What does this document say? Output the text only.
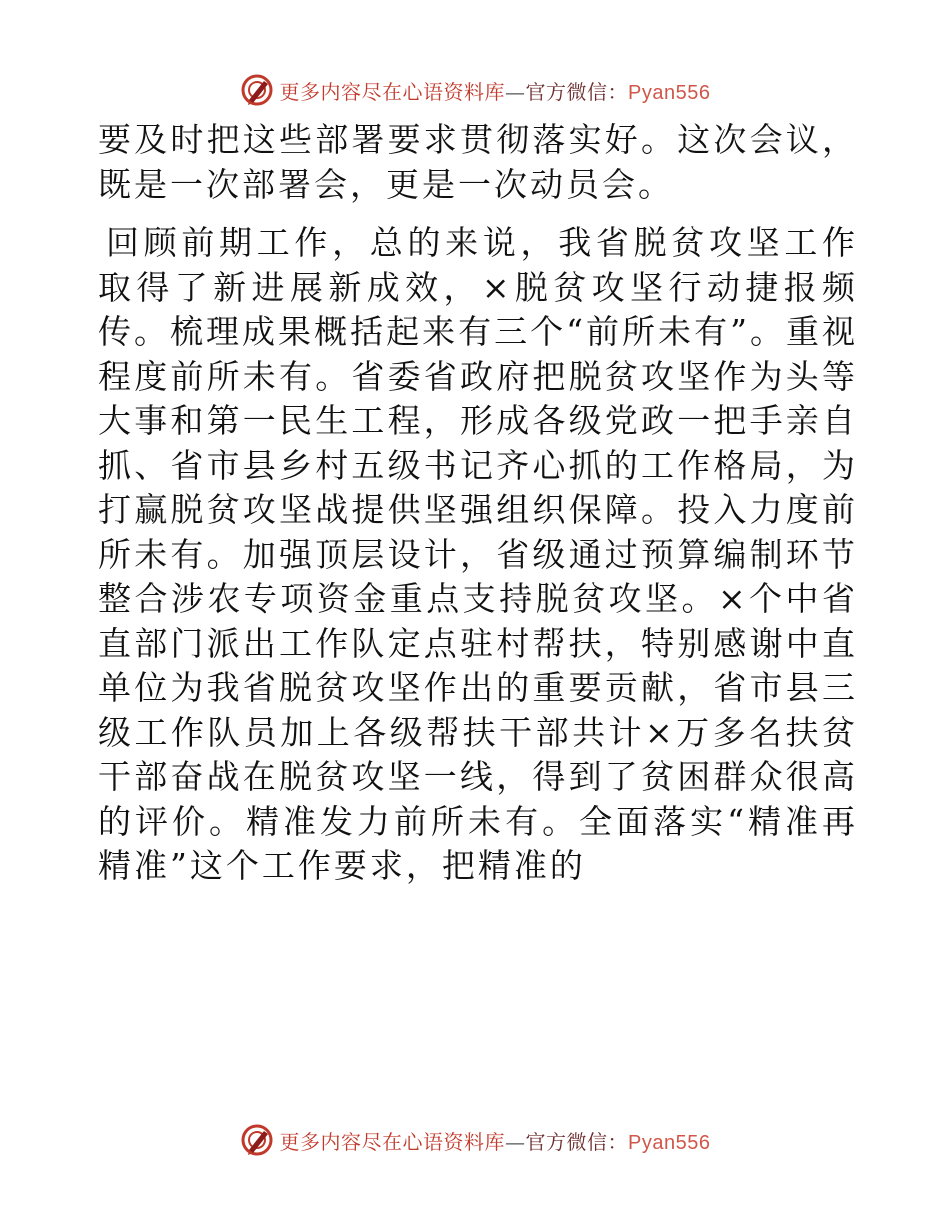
更多内容尽在心语资料库—官方微信：Pyan556

要及时把这些部署要求贯彻落实好。这次会议，既是一次部署会，更是一次动员会。

回顾前期工作，总的来说，我省脱贫攻坚工作取得了新进展新成效，×脱贫攻坚行动捷报频传。梳理成果概括起来有三个“前所未有”。重视程度前所未有。省委省政府把脱贫攻坚作为头等大事和第一民生工程，形成各级党政一把手亲自抓、省市县乡村五级书记齐心抓的工作格局，为打赢脱贫攻坚战提供坚强组织保障。投入力度前所未有。加强顶层设计，省级通过预算编制环节整合涉农专项资金重点支持脱贫攻坚。×个中省直部门派出工作队定点驻村帮扶，特别感谢中直单位为我省脱贫攻坚作出的重要贡献，省市县三级工作队员加上各级帮扶干部共计×万多名扶贫干部奋战在脱贫攻坚一线，得到了贫困群众很高的评价。精准发力前所未有。全面落实“精准再精准”这个工作要求，把精准的

更多内容尽在心语资料库—官方微信：Pyan556
